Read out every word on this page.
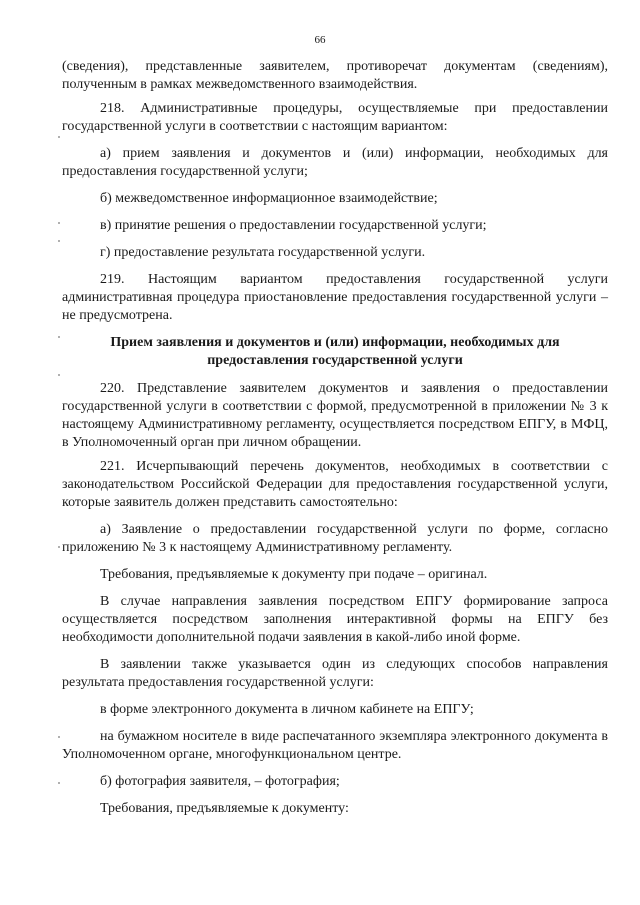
66

(сведения), представленные заявителем, противоречат документам (сведениям), полученным в рамках межведомственного взаимодействия.

218. Административные процедуры, осуществляемые при предоставлении государственной услуги в соответствии с настоящим вариантом:

а) прием заявления и документов и (или) информации, необходимых для предоставления государственной услуги;

б) межведомственное информационное взаимодействие;

в) принятие решения о предоставлении государственной услуги;

г) предоставление результата государственной услуги.

219. Настоящим вариантом предоставления государственной услуги административная процедура приостановление предоставления государственной услуги – не предусмотрена.

Прием заявления и документов и (или) информации, необходимых для предоставления государственной услуги

220. Представление заявителем документов и заявления о предоставлении государственной услуги в соответствии с формой, предусмотренной в приложении № 3 к настоящему Административному регламенту, осуществляется посредством ЕПГУ, в МФЦ, в Уполномоченный орган при личном обращении.

221. Исчерпывающий перечень документов, необходимых в соответствии с законодательством Российской Федерации для предоставления государственной услуги, которые заявитель должен представить самостоятельно:

а) Заявление о предоставлении государственной услуги по форме, согласно приложению № 3 к настоящему Административному регламенту.

Требования, предъявляемые к документу при подаче – оригинал.

В случае направления заявления посредством ЕПГУ формирование запроса осуществляется посредством заполнения интерактивной формы на ЕПГУ без необходимости дополнительной подачи заявления в какой-либо иной форме.

В заявлении также указывается один из следующих способов направления результата предоставления государственной услуги:

в форме электронного документа в личном кабинете на ЕПГУ;

на бумажном носителе в виде распечатанного экземпляра электронного документа в Уполномоченном органе, многофункциональном центре.

б) фотография заявителя, – фотография;

Требования, предъявляемые к документу:
